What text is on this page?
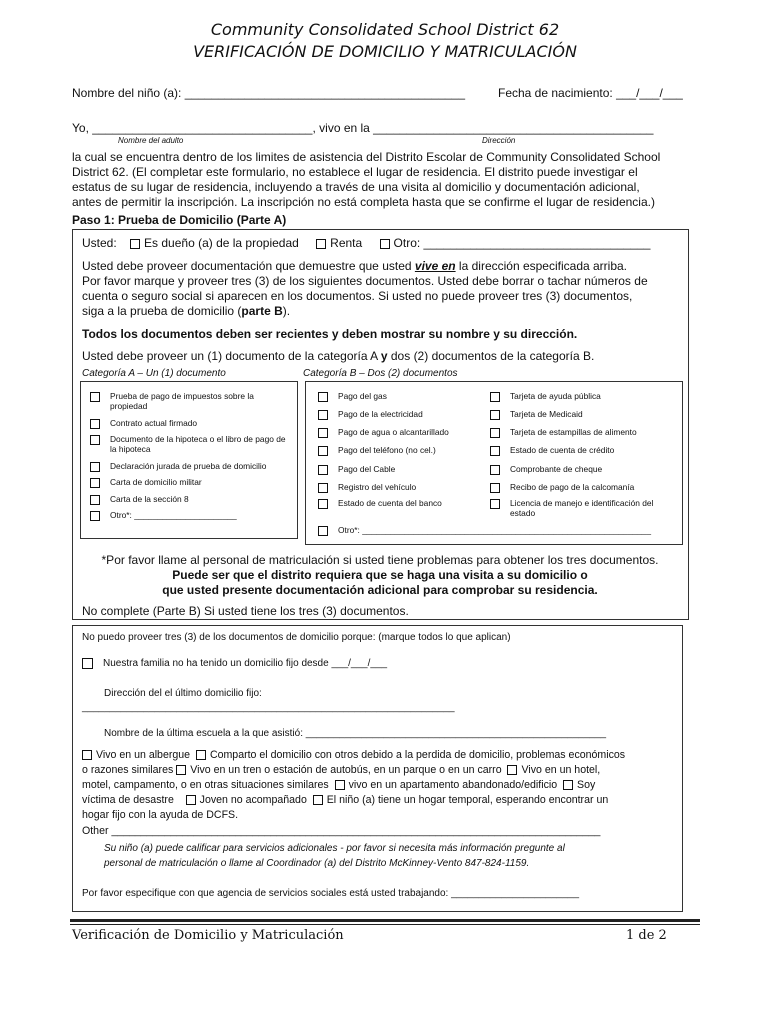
Community Consolidated School District 62
VERIFICACIÓN DE DOMICILIO Y MATRICULACIÓN
Nombre del niño (a): __________________________________________	Fecha de nacimiento: ___/___/___
Yo, _________________________________, vivo en la __________________________________________
Nombre del adulto	Dirección
la cual se encuentra dentro de los limites de asistencia del Distrito Escolar de Community Consolidated School
District 62. (El completar este formulario, no establece el lugar de residencia. El distrito puede investigar el
estatus de su lugar de residencia, incluyendo a través de una visita al domicilio y documentación adicional,
antes de permitir la inscripción. La inscripción no está completa hasta que se confirme el lugar de residencia.)
Paso 1: Prueba de Domicilio (Parte A)
Usted: Es dueño (a) de la propiedad	Renta	Otro: __________________________________
Usted debe proveer documentación que demuestre que usted vive en la dirección especificada arriba.
Por favor marque y proveer tres (3) de los siguientes documentos. Usted debe borrar o tachar números de
cuenta o seguro social si aparecen en los documentos. Si usted no puede proveer tres (3) documentos,
siga a la prueba de domicilio (parte B).
Todos los documentos deben ser recientes y deben mostrar su nombre y su dirección.
Usted debe proveer un (1) documento de la categoría A y dos (2) documentos de la categoría B.
Categoría A – Un (1) documento	Categoría B – Dos (2) documentos
Prueba de pago de impuestos sobre la propiedad
Contrato actual firmado
Documento de la hipoteca o el libro de pago de la hipoteca
Declaración jurada de prueba de domicilio
Carta de domicilio militar
Carta de la sección 8
Otro*: ______________________
Pago del gas
Pago de la electricidad
Pago de agua o alcantarillado
Pago del teléfono (no cel.)
Pago del Cable
Registro del vehículo
Estado de cuenta del banco
Tarjeta de ayuda pública
Tarjeta de Medicaid
Tarjeta de estampillas de alimento
Estado de cuenta de crédito
Comprobante de cheque
Recibo de pago de la calcomanía
Licencia de manejo e identificación del estado
Otro*: ______________________________________________________________
*Por favor llame al personal de matriculación si usted tiene problemas para obtener los tres documentos.
Puede ser que el distrito requiera que se haga una visita a su domicilio o
que usted presente documentación adicional para comprobar su residencia.
No complete (Parte B) Si usted tiene los tres (3) documentos.
No puedo proveer tres (3) de los documentos de domicilio porque: (marque todos lo que aplican)
Nuestra familia no ha tenido un domicilio fijo desde ___/___/___
Dirección del el último domicilio fijo:
___________________________________________________________________
Nombre de la última escuela a la que asistió: ______________________________________________________
Vivo en un albergue Comparto el domicilio con otros debido a la perdida de domicilio, problemas económicos
o razones similares Vivo en un tren o estación de autobús, en un parque o en un carro Vivo en un hotel,
motel, campamento, o en otras situaciones similares vivo en un apartamento abandonado/edificio Soy
víctima de desastre Joven no acompañado El niño (a) tiene un hogar temporal, esperando encontrar un
hogar fijo con la ayuda de DCFS.
Other ___________________________________________________________________________________
Su niño (a) puede calificar para servicios adicionales - por favor si necesita más información pregunte al
personal de matriculación o llame al Coordinador (a) del Distrito McKinney-Vento 847-824-1159.
Por favor especifique con que agencia de servicios sociales está usted trabajando: _______________________
Verificación de Domicilio y Matriculación	1 de 2
